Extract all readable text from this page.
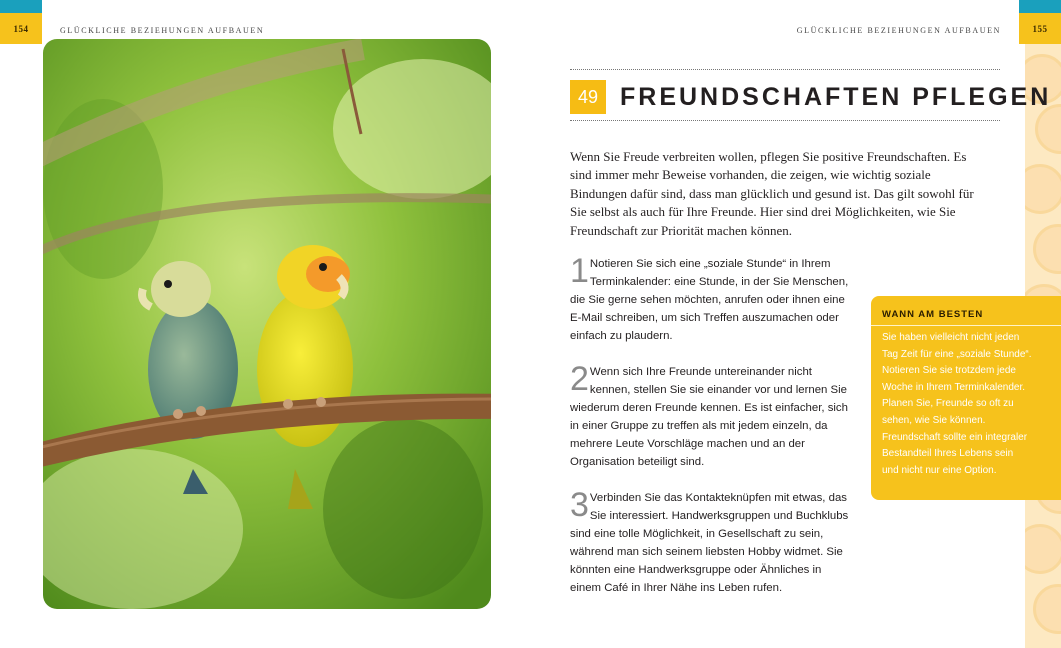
154	155
GLÜCKLICHE BEZIEHUNGEN AUFBAUEN	GLÜCKLICHE BEZIEHUNGEN AUFBAUEN
49 FREUNDSCHAFTEN PFLEGEN
Wenn Sie Freude verbreiten wollen, pflegen Sie positive Freundschaften. Es sind immer mehr Beweise vorhanden, die zeigen, wie wichtig soziale Bindungen dafür sind, dass man glücklich und gesund ist. Das gilt sowohl für Sie selbst als auch für Ihre Freunde. Hier sind drei Möglichkeiten, wie Sie Freundschaft zur Priorität machen können.
1 Notieren Sie sich eine „soziale Stunde“ in Ihrem Terminkalender: eine Stunde, in der Sie Menschen, die Sie gerne sehen möchten, anrufen oder ihnen eine E-Mail schreiben, um sich Treffen auszumachen oder einfach zu plaudern.
2 Wenn sich Ihre Freunde untereinander nicht kennen, stellen Sie sie einander vor und lernen Sie wiederum deren Freunde kennen. Es ist einfacher, sich in einer Gruppe zu treffen als mit jedem einzeln, da mehrere Leute Vorschläge machen und an der Organisation beteiligt sind.
3 Verbinden Sie das Kontakteknüpfen mit etwas, das Sie interessiert. Handwerksgruppen und Buchklubs sind eine tolle Möglichkeit, in Gesellschaft zu sein, während man sich seinem liebsten Hobby widmet. Sie könnten eine Handwerksgruppe oder Ähnliches in einem Café in Ihrer Nähe ins Leben rufen.
WANN AM BESTEN
Sie haben vielleicht nicht jeden Tag Zeit für eine „soziale Stunde“. Notieren Sie sie trotzdem jede Woche in Ihrem Terminkalender. Planen Sie, Freunde so oft zu sehen, wie Sie können. Freundschaft sollte ein integraler Bestandteil Ihres Lebens sein und nicht nur eine Option.
